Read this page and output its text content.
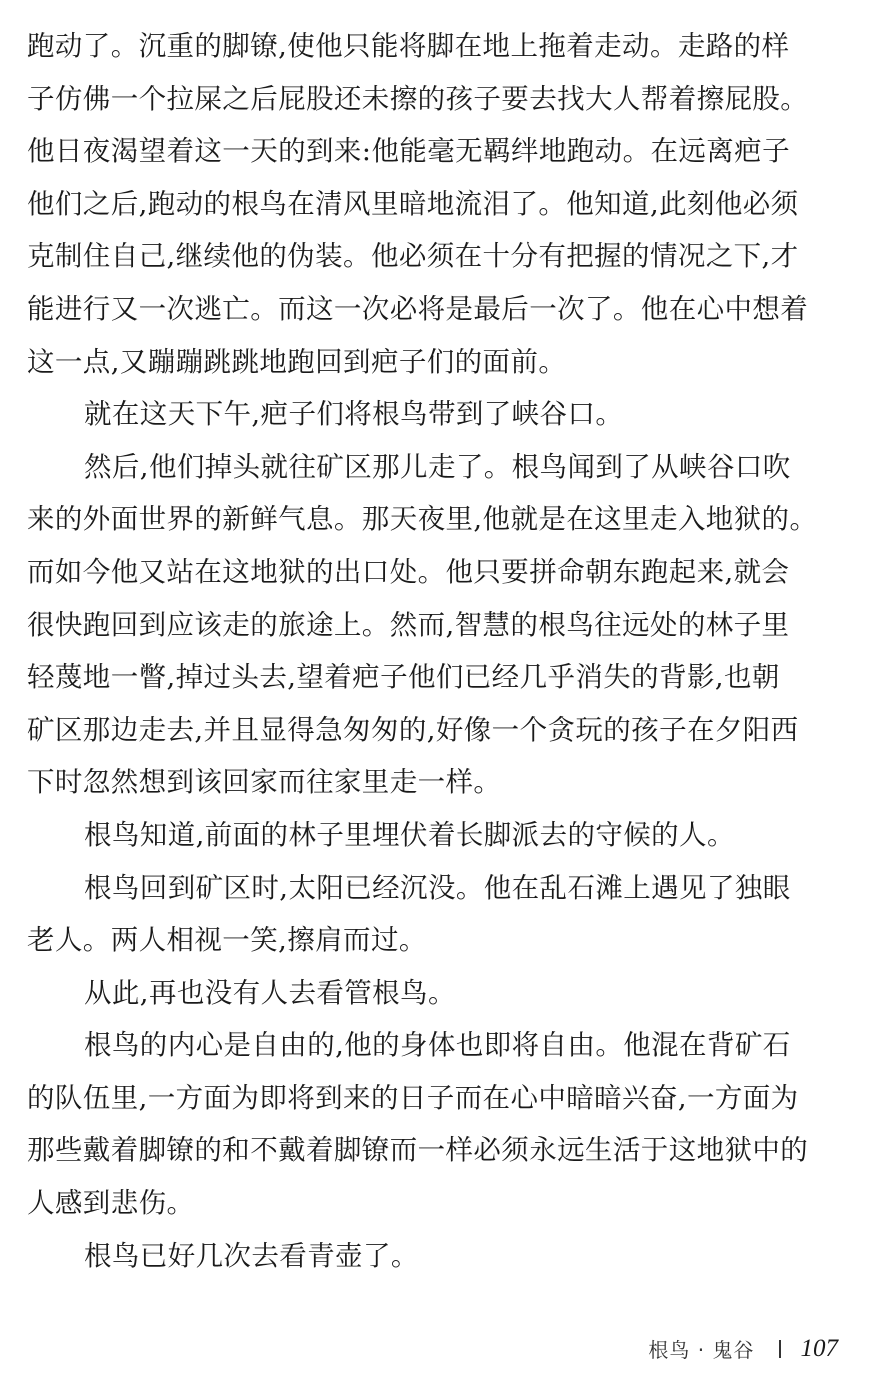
跑动了。沉重的脚镣,使他只能将脚在地上拖着走动。走路的样
子仿佛一个拉屎之后屁股还未擦的孩子要去找大人帮着擦屁股。
他日夜渴望着这一天的到来:他能毫无羁绊地跑动。在远离疤子
他们之后,跑动的根鸟在清风里暗地流泪了。他知道,此刻他必须
克制住自己,继续他的伪装。他必须在十分有把握的情况之下,才
能进行又一次逃亡。而这一次必将是最后一次了。他在心中想着
这一点,又蹦蹦跳跳地跑回到疤子们的面前。
就在这天下午,疤子们将根鸟带到了峡谷口。
然后,他们掉头就往矿区那儿走了。根鸟闻到了从峡谷口吹
来的外面世界的新鲜气息。那天夜里,他就是在这里走入地狱的。
而如今他又站在这地狱的出口处。他只要拼命朝东跑起来,就会
很快跑回到应该走的旅途上。然而,智慧的根鸟往远处的林子里
轻蔑地一瞥,掉过头去,望着疤子他们已经几乎消失的背影,也朝
矿区那边走去,并且显得急匆匆的,好像一个贪玩的孩子在夕阳西
下时忽然想到该回家而往家里走一样。
根鸟知道,前面的林子里埋伏着长脚派去的守候的人。
根鸟回到矿区时,太阳已经沉没。他在乱石滩上遇见了独眼
老人。两人相视一笑,擦肩而过。
从此,再也没有人去看管根鸟。
根鸟的内心是自由的,他的身体也即将自由。他混在背矿石
的队伍里,一方面为即将到来的日子而在心中暗暗兴奋,一方面为
那些戴着脚镣的和不戴着脚镣而一样必须永远生活于这地狱中的
人感到悲伤。
根鸟已好几次去看青壶了。
根鸟 · 鬼谷 107
